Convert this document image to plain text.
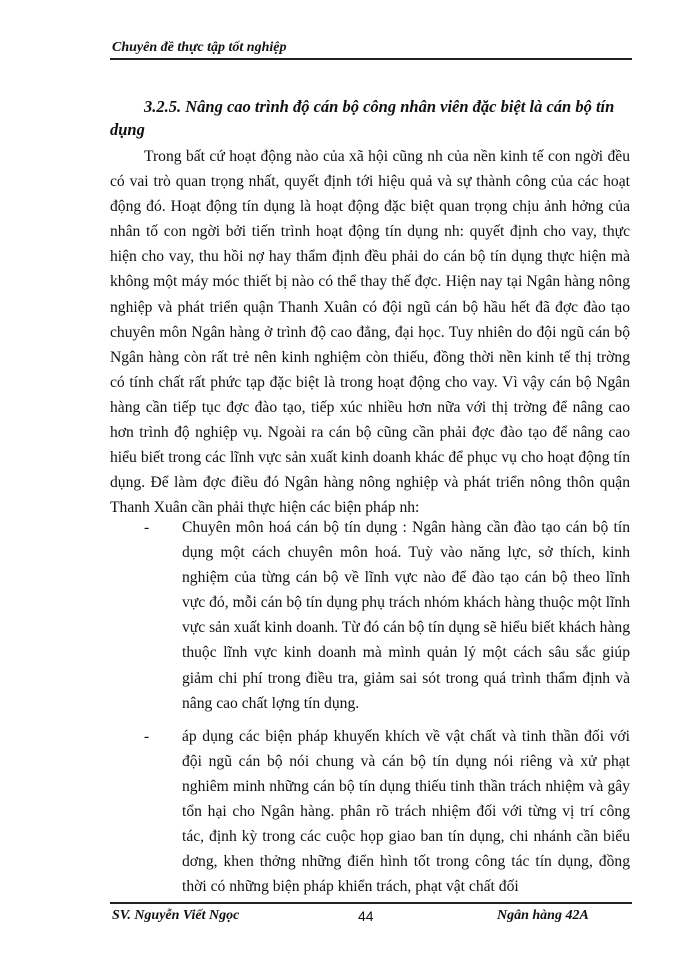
Chuyên đề thực tập tốt nghiệp
3.2.5. Nâng cao trình độ cán bộ công nhân viên đặc biệt là cán bộ tín dụng
Trong bất cứ hoạt động nào của xã hội cũng nh của nền kinh tế con ngời đều có vai trò quan trọng nhất, quyết định tới hiệu quả và sự thành công của các hoạt động đó. Hoạt động tín dụng là hoạt động đặc biệt quan trọng chịu ảnh hởng của nhân tố con ngời bởi tiến trình hoạt động tín dụng nh: quyết định cho vay, thực hiện cho vay, thu hồi nợ hay thẩm định đều phải do cán bộ tín dụng thực hiện mà không một máy móc thiết bị nào có thể thay thế đợc. Hiện nay tại Ngân hàng nông nghiệp và phát triển quận Thanh Xuân có đội ngũ cán bộ hầu hết đã đợc đào tạo chuyên môn Ngân hàng ở trình độ cao đẳng, đại học. Tuy nhiên do đội ngũ cán bộ Ngân hàng còn rất trẻ nên kinh nghiệm còn thiếu, đồng thời nền kinh tế thị trờng có tính chất rất phức tạp đặc biệt là trong hoạt động cho vay. Vì vậy cán bộ Ngân hàng cần tiếp tục đợc đào tạo, tiếp xúc nhiều hơn nữa với thị trờng để nâng cao hơn trình độ nghiệp vụ. Ngoài ra cán bộ cũng cần phải đợc đào tạo để nâng cao hiểu biết trong các lĩnh vực sản xuất kinh doanh khác để phục vụ cho hoạt động tín dụng. Để làm đợc điều đó Ngân hàng nông nghiệp và phát triển nông thôn quận Thanh Xuân cần phải thực hiện các biện pháp nh:
- Chuyên môn hoá cán bộ tín dụng : Ngân hàng cần đào tạo cán bộ tín dụng một cách chuyên môn hoá. Tuỳ vào năng lực, sở thích, kinh nghiệm của từng cán bộ về lĩnh vực nào để đào tạo cán bộ theo lĩnh vực đó, mỗi cán bộ tín dụng phụ trách nhóm khách hàng thuộc một lĩnh vực sản xuất kinh doanh. Từ đó cán bộ tín dụng sẽ hiểu biết khách hàng thuộc lĩnh vực kinh doanh mà mình quản lý một cách sâu sắc giúp giảm chi phí trong điều tra, giảm sai sót trong quá trình thẩm định và nâng cao chất lợng tín dụng.
- áp dụng các biện pháp khuyến khích về vật chất và tinh thần đối với đội ngũ cán bộ nói chung và cán bộ tín dụng nói riêng và xử phạt nghiêm minh những cán bộ tín dụng thiếu tinh thần trách nhiệm và gây tổn hại cho Ngân hàng. phân rõ trách nhiệm đối với từng vị trí công tác, định kỳ trong các cuộc họp giao ban tín dụng, chi nhánh cần biểu dơng, khen thởng những điển hình tốt trong công tác tín dụng, đồng thời có những biện pháp khiển trách, phạt vật chất đối
SV. Nguyễn Viết Ngọc	44	Ngân hàng 42A
